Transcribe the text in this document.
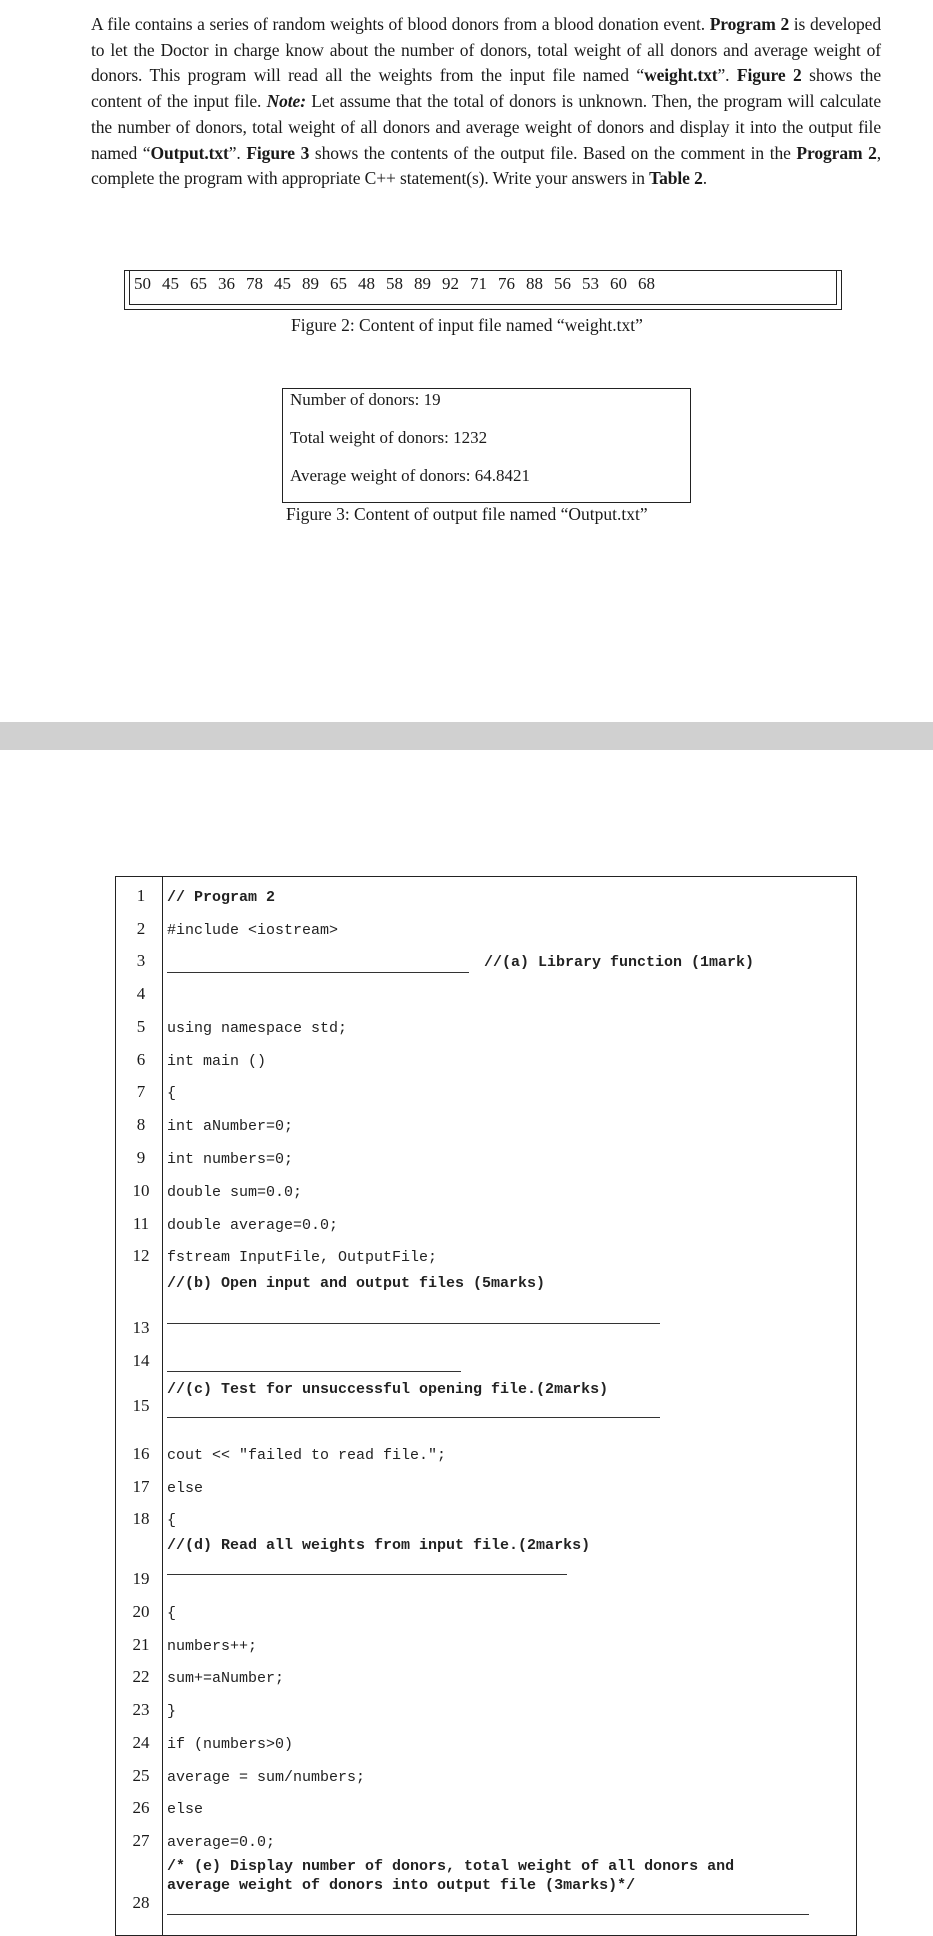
A file contains a series of random weights of blood donors from a blood donation event. Program 2 is developed to let the Doctor in charge know about the number of donors, total weight of all donors and average weight of donors. This program will read all the weights from the input file named “weight.txt”. Figure 2 shows the content of the input file. Note: Let assume that the total of donors is unknown. Then, the program will calculate the number of donors, total weight of all donors and average weight of donors and display it into the output file named “Output.txt”. Figure 3 shows the contents of the output file. Based on the comment in the Program 2, complete the program with appropriate C++ statement(s). Write your answers in Table 2.

50 45 65 36 78 45 89 65 48 58 89 92 71 76 88 56 53 60 68
Figure 2: Content of input file named “weight.txt”
Number of donors: 19
Total weight of donors: 1232
Average weight of donors: 64.8421
Figure 3: Content of output file named “Output.txt”
1
2
3
4
5
6
7
8
9
10
11
12
13
14
15
16
17
18
19
20
21
22
23
24
25
26
27
28
// Program 2
#include <iostream>
//(a) Library function (1mark)
using namespace std;
int main ()
{
int aNumber=0;
int numbers=0;
double sum=0.0;
double average=0.0;
fstream InputFile, OutputFile;
//(b) Open input and output files (5marks)
//(c) Test for unsuccessful opening file.(2marks)
cout << "failed to read file.";
else
{
//(d) Read all weights from input file.(2marks)
{
numbers++;
sum+=aNumber;
}
if (numbers>0)
average = sum/numbers;
else
average=0.0;
/* (e) Display number of donors, total weight of all donors and
average weight of donors into output file (3marks)*/
